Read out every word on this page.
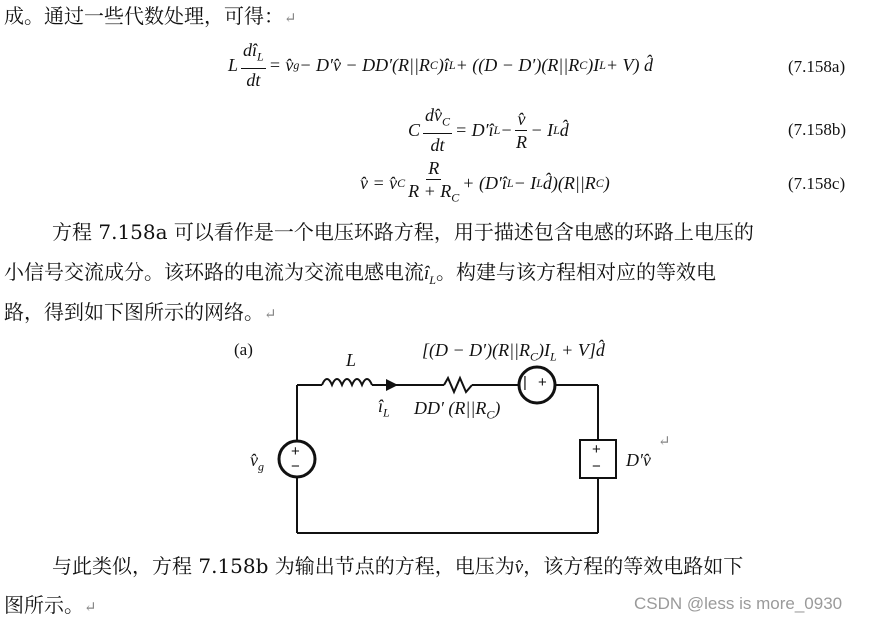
成。通过一些代数处理，可得：↵
L $\frac{dî_L}{dt}$ = v̂ g − D′v̂ − DD′(R||R C )î L + ((D − D′)(R||R C )I L + V) d̂	(7.158a)
C $\frac{dv̂_C}{dt}$ = D′î $L - \frac{v̂}{R} - I$ L d̂	(7.158b)
v̂ = v̂ C $\frac{R}{R + R_C}$ + (D′î L − I L d̂)(R||R C )	(7.158c)
方程 7.158a 可以看作是一个电压环路方程，用于描述包含电感的环路上电压的
小信号交流成分。该环路的电流为交流电感电流$î_L$。构建与该方程相对应的等效电
路，得到如下图所示的网络。↵
| +
+
−
+
−
(a)
L	[$(D - D')(R||R_C)I_L$ + V]d̂
$î_L$ DD′ $(R||R_C)$
$v̂_g$	D′v̂
↵
与此类似，方程 7.158b 为输出节点的方程，电压为v̂，该方程的等效电路如下
图所示。↵	CSDN @less is more_0930
